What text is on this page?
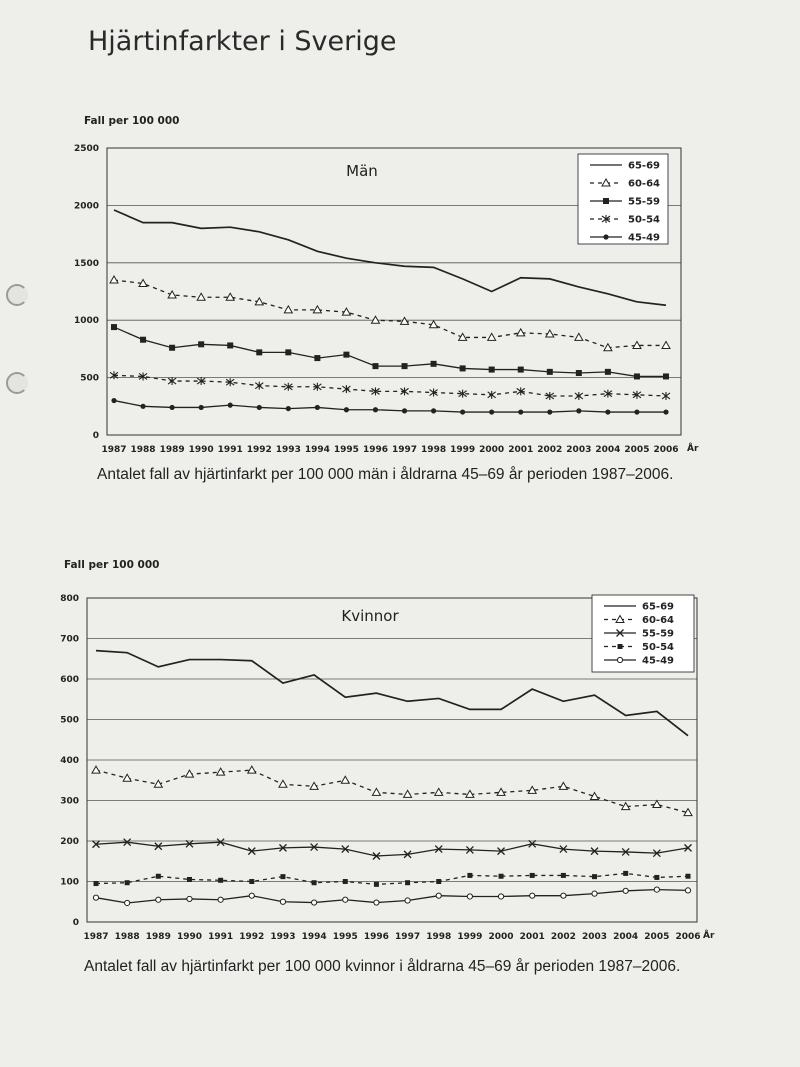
Hjärtinfarkter i Sverige
Fall per 100 000
0
500
1000
1500
2000
2500
1987 1988 1989 1990 1991 1992 1993 1994 1995 1996 1997 1998 1999 2000 2001 2002 2003 2004 2005 2006 År
Män	65-69
60-64
55-59
50-54
45-49

Antalet fall av hjärtinfarkt per 100 000 män i åldrarna 45–69 år perioden 1987–2006.

Fall per 100 000
0
100
200
300
400
500
600
700
800
1987 1988 1989 1990 1991 1992 1993 1994 1995 1996 1997 1998 1999 2000 2001 2002 2003 2004 2005 2006 År
Kvinnor	65-69
60-64
55-59
50-54
45-49

Antalet fall av hjärtinfarkt per 100 000 kvinnor i åldrarna 45–69 år perioden 1987–2006.
